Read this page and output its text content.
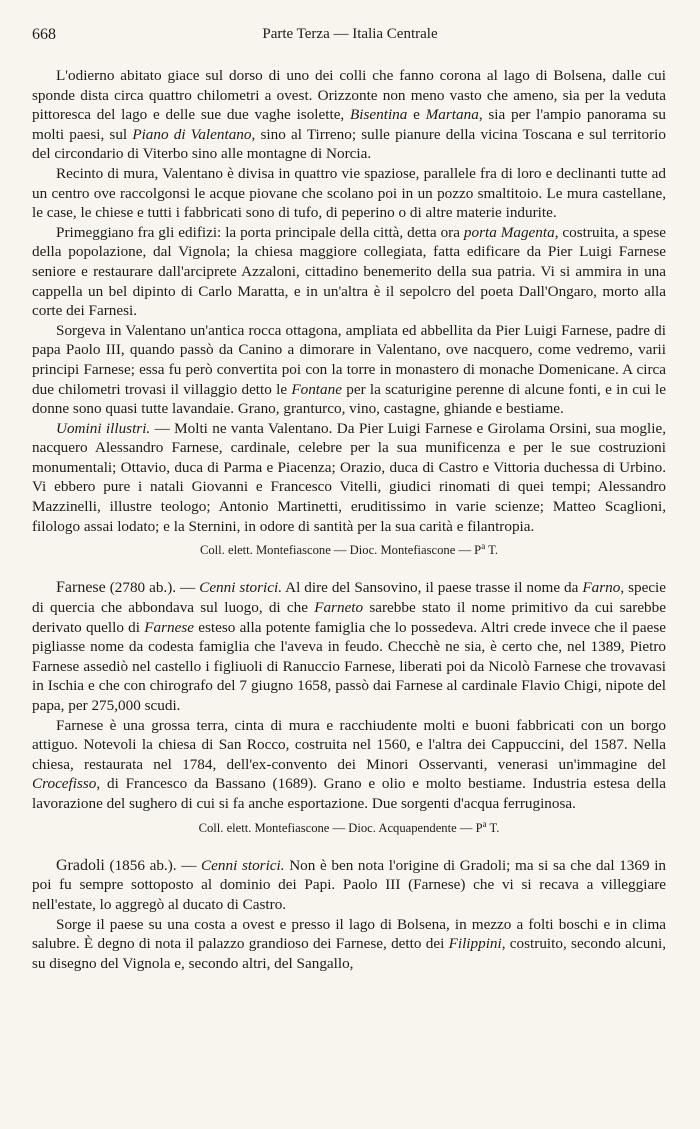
668	Parte Terza — Italia Centrale

L'odierno abitato giace sul dorso di uno dei colli che fanno corona al lago di Bolsena, dalle cui sponde dista circa quattro chilometri a ovest. Orizzonte non meno vasto che ameno, sia per la veduta pittoresca del lago e delle sue due vaghe isolette, Bisentina e Martana, sia per l'ampio panorama su molti paesi, sul Piano di Valentano, sino al Tirreno; sulle pianure della vicina Toscana e sul territorio del circondario di Viterbo sino alle montagne di Norcia.

Recinto di mura, Valentano è divisa in quattro vie spaziose, parallele fra di loro e declinanti tutte ad un centro ove raccolgonsi le acque piovane che scolano poi in un pozzo smaltitoio. Le mura castellane, le case, le chiese e tutti i fabbricati sono di tufo, di peperino o di altre materie indurite.

Primeggiano fra gli edifizi: la porta principale della città, detta ora porta Magenta, costruita, a spese della popolazione, dal Vignola; la chiesa maggiore collegiata, fatta edificare da Pier Luigi Farnese seniore e restaurare dall'arciprete Azzaloni, cittadino benemerito della sua patria. Vi si ammira in una cappella un bel dipinto di Carlo Maratta, e in un'altra è il sepolcro del poeta Dall'Ongaro, morto alla corte dei Farnesi.

Sorgeva in Valentano un'antica rocca ottagona, ampliata ed abbellita da Pier Luigi Farnese, padre di papa Paolo III, quando passò da Canino a dimorare in Valentano, ove nacquero, come vedremo, varii principi Farnese; essa fu però convertita poi con la torre in monastero di monache Domenicane. A circa due chilometri trovasi il villaggio detto le Fontane per la scaturigine perenne di alcune fonti, e in cui le donne sono quasi tutte lavandaie. Grano, granturco, vino, castagne, ghiande e bestiame.

Uomini illustri. — Molti ne vanta Valentano. Da Pier Luigi Farnese e Girolama Orsini, sua moglie, nacquero Alessandro Farnese, cardinale, celebre per la sua munificenza e per le sue costruzioni monumentali; Ottavio, duca di Parma e Piacenza; Orazio, duca di Castro e Vittoria duchessa di Urbino. Vi ebbero pure i natali Giovanni e Francesco Vitelli, giudici rinomati di quei tempi; Alessandro Mazzinelli, illustre teologo; Antonio Martinetti, eruditissimo in varie scienze; Matteo Scaglioni, filologo assai lodato; e la Sternini, in odore di santità per la sua carità e filantropia.

Coll. elett. Montefiascone — Dioc. Montefiascone — $P^a$ T.

Farnese (2780 ab.). — Cenni storici. Al dire del Sansovino, il paese trasse il nome da Farno, specie di quercia che abbondava sul luogo, di che Farneto sarebbe stato il nome primitivo da cui sarebbe derivato quello di Farnese esteso alla potente famiglia che lo possedeva. Altri crede invece che il paese pigliasse nome da codesta famiglia che l'aveva in feudo. Checchè ne sia, è certo che, nel 1389, Pietro Farnese assediò nel castello i figliuoli di Ranuccio Farnese, liberati poi da Nicolò Farnese che trovavasi in Ischia e che con chirografo del 7 giugno 1658, passò dai Farnese al cardinale Flavio Chigi, nipote del papa, per 275,000 scudi.

Farnese è una grossa terra, cinta di mura e racchiudente molti e buoni fabbricati con un borgo attiguo. Notevoli la chiesa di San Rocco, costruita nel 1560, e l'altra dei Cappuccini, del 1587. Nella chiesa, restaurata nel 1784, dell'ex-convento dei Minori Osservanti, venerasi un'immagine del Crocefisso, di Francesco da Bassano (1689). Grano e olio e molto bestiame. Industria estesa della lavorazione del sughero di cui si fa anche esportazione. Due sorgenti d'acqua ferruginosa.

Coll. elett. Montefiascone — Dioc. Acquapendente — $P^a$ T.

Gradoli (1856 ab.). — Cenni storici. Non è ben nota l'origine di Gradoli; ma si sa che dal 1369 in poi fu sempre sottoposto al dominio dei Papi. Paolo III (Farnese) che vi si recava a villeggiare nell'estate, lo aggregò al ducato di Castro.

Sorge il paese su una costa a ovest e presso il lago di Bolsena, in mezzo a folti boschi e in clima salubre. È degno di nota il palazzo grandioso dei Farnese, detto dei Filippini, costruito, secondo alcuni, su disegno del Vignola e, secondo altri, del Sangallo,
